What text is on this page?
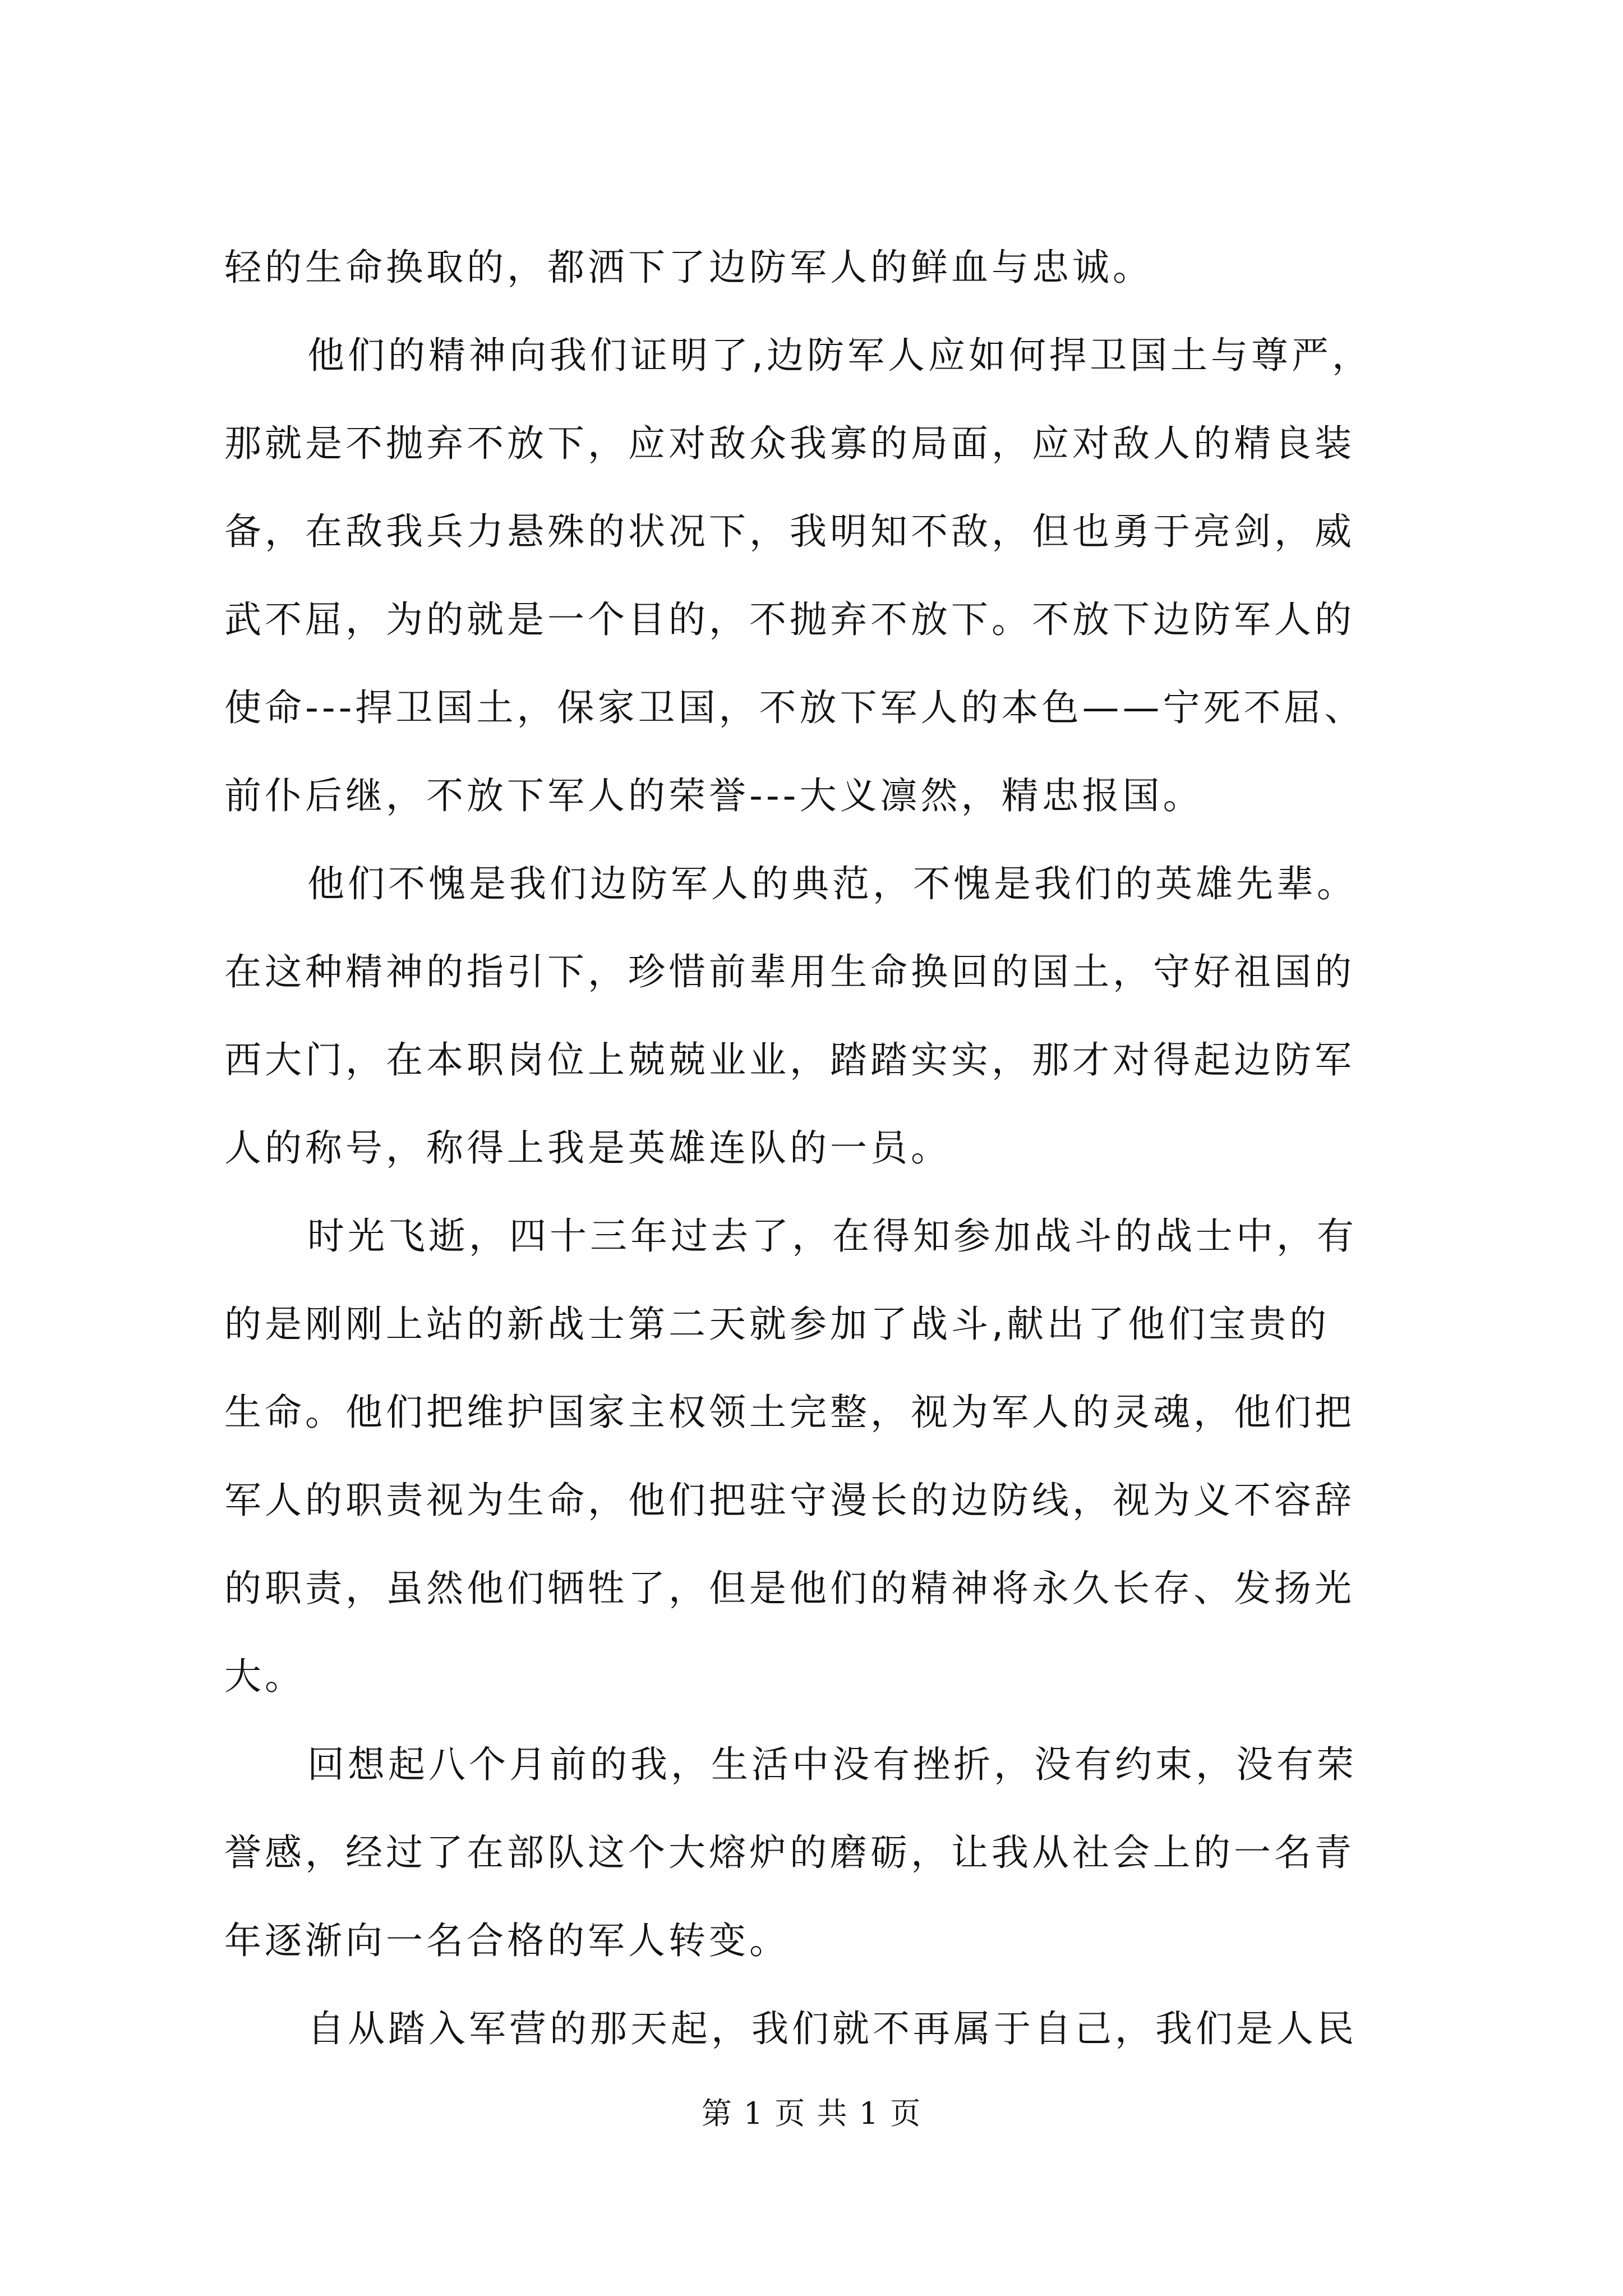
轻的生命换取的，都洒下了边防军人的鲜血与忠诚。
他们的精神向我们证明了,边防军人应如何捍卫国土与尊严，
那就是不抛弃不放下，应对敌众我寡的局面，应对敌人的精良装
备，在敌我兵力悬殊的状况下，我明知不敌，但也勇于亮剑，威
武不屈，为的就是一个目的，不抛弃不放下。不放下边防军人的
使命---捍卫国土，保家卫国，不放下军人的本色——宁死不屈、
前仆后继，不放下军人的荣誉---大义凛然，精忠报国。
他们不愧是我们边防军人的典范，不愧是我们的英雄先辈。
在这种精神的指引下，珍惜前辈用生命换回的国土，守好祖国的
西大门，在本职岗位上兢兢业业，踏踏实实，那才对得起边防军
人的称号，称得上我是英雄连队的一员。
时光飞逝，四十三年过去了，在得知参加战斗的战士中，有
的是刚刚上站的新战士第二天就参加了战斗,献出了他们宝贵的
生命。他们把维护国家主权领土完整，视为军人的灵魂，他们把
军人的职责视为生命，他们把驻守漫长的边防线，视为义不容辞
的职责，虽然他们牺牲了，但是他们的精神将永久长存、发扬光
大。
回想起八个月前的我，生活中没有挫折，没有约束，没有荣
誉感，经过了在部队这个大熔炉的磨砺，让我从社会上的一名青
年逐渐向一名合格的军人转变。
自从踏入军营的那天起，我们就不再属于自己，我们是人民
第 1 页 共 1 页
